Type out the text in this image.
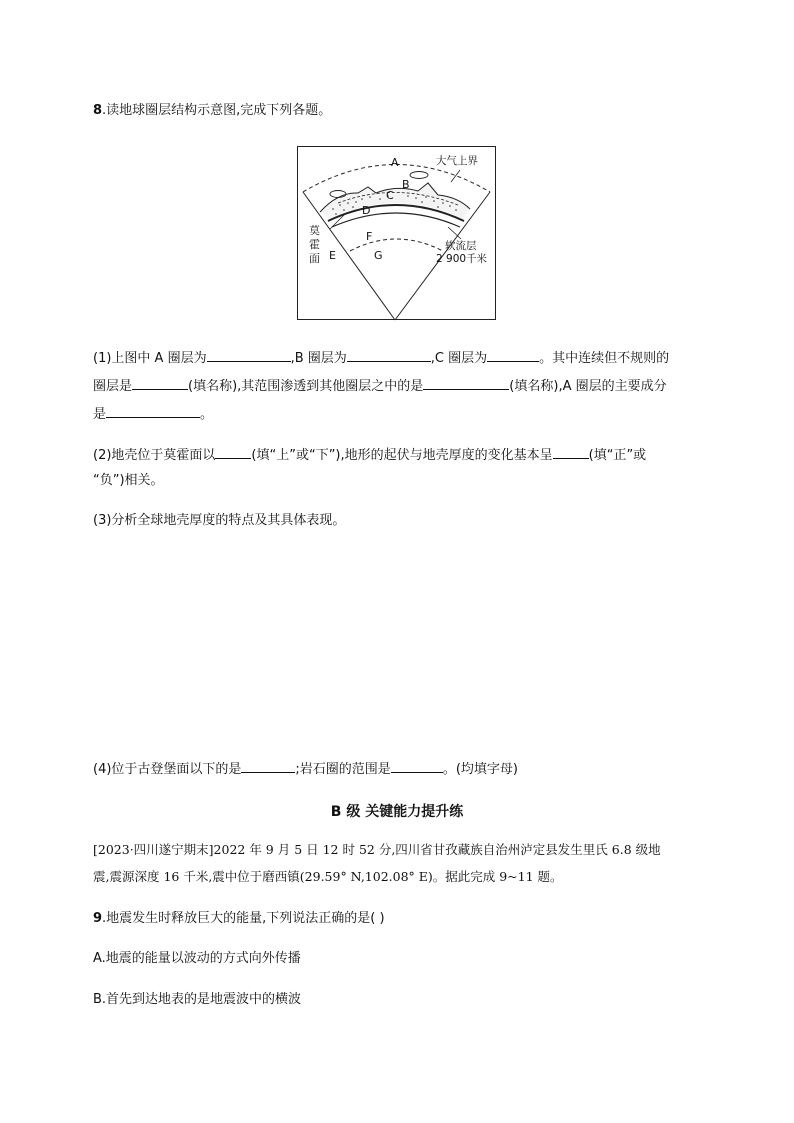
8.读地球圈层结构示意图,完成下列各题。
A
B
C
D
E
F
G
大气上界
莫
霍
面
软流层
2 900千米
(1)上图中 A 圈层为	,B 圈层为	,C 圈层为	。其中连续但不规则的
圈层是	(填名称),其范围渗透到其他圈层之中的是	(填名称),A 圈层的主要成分
是	。
(2)地壳位于莫霍面以	(填“上”或“下”),地形的起伏与地壳厚度的变化基本呈	(填“正”或
“负”)相关。
(3)分析全球地壳厚度的特点及其具体表现。
(4)位于古登堡面以下的是	;岩石圈的范围是	。(均填字母)
B 级 关键能力提升练
[2023·四川遂宁期末]2022 年 9 月 5 日 12 时 52 分,四川省甘孜藏族自治州泸定县发生里氏 6.8 级地
震,震源深度 16 千米,震中位于磨西镇(29.59° N,102.08° E)。据此完成 9~11 题。
9.地震发生时释放巨大的能量,下列说法正确的是( )
A.地震的能量以波动的方式向外传播
B.首先到达地表的是地震波中的横波
